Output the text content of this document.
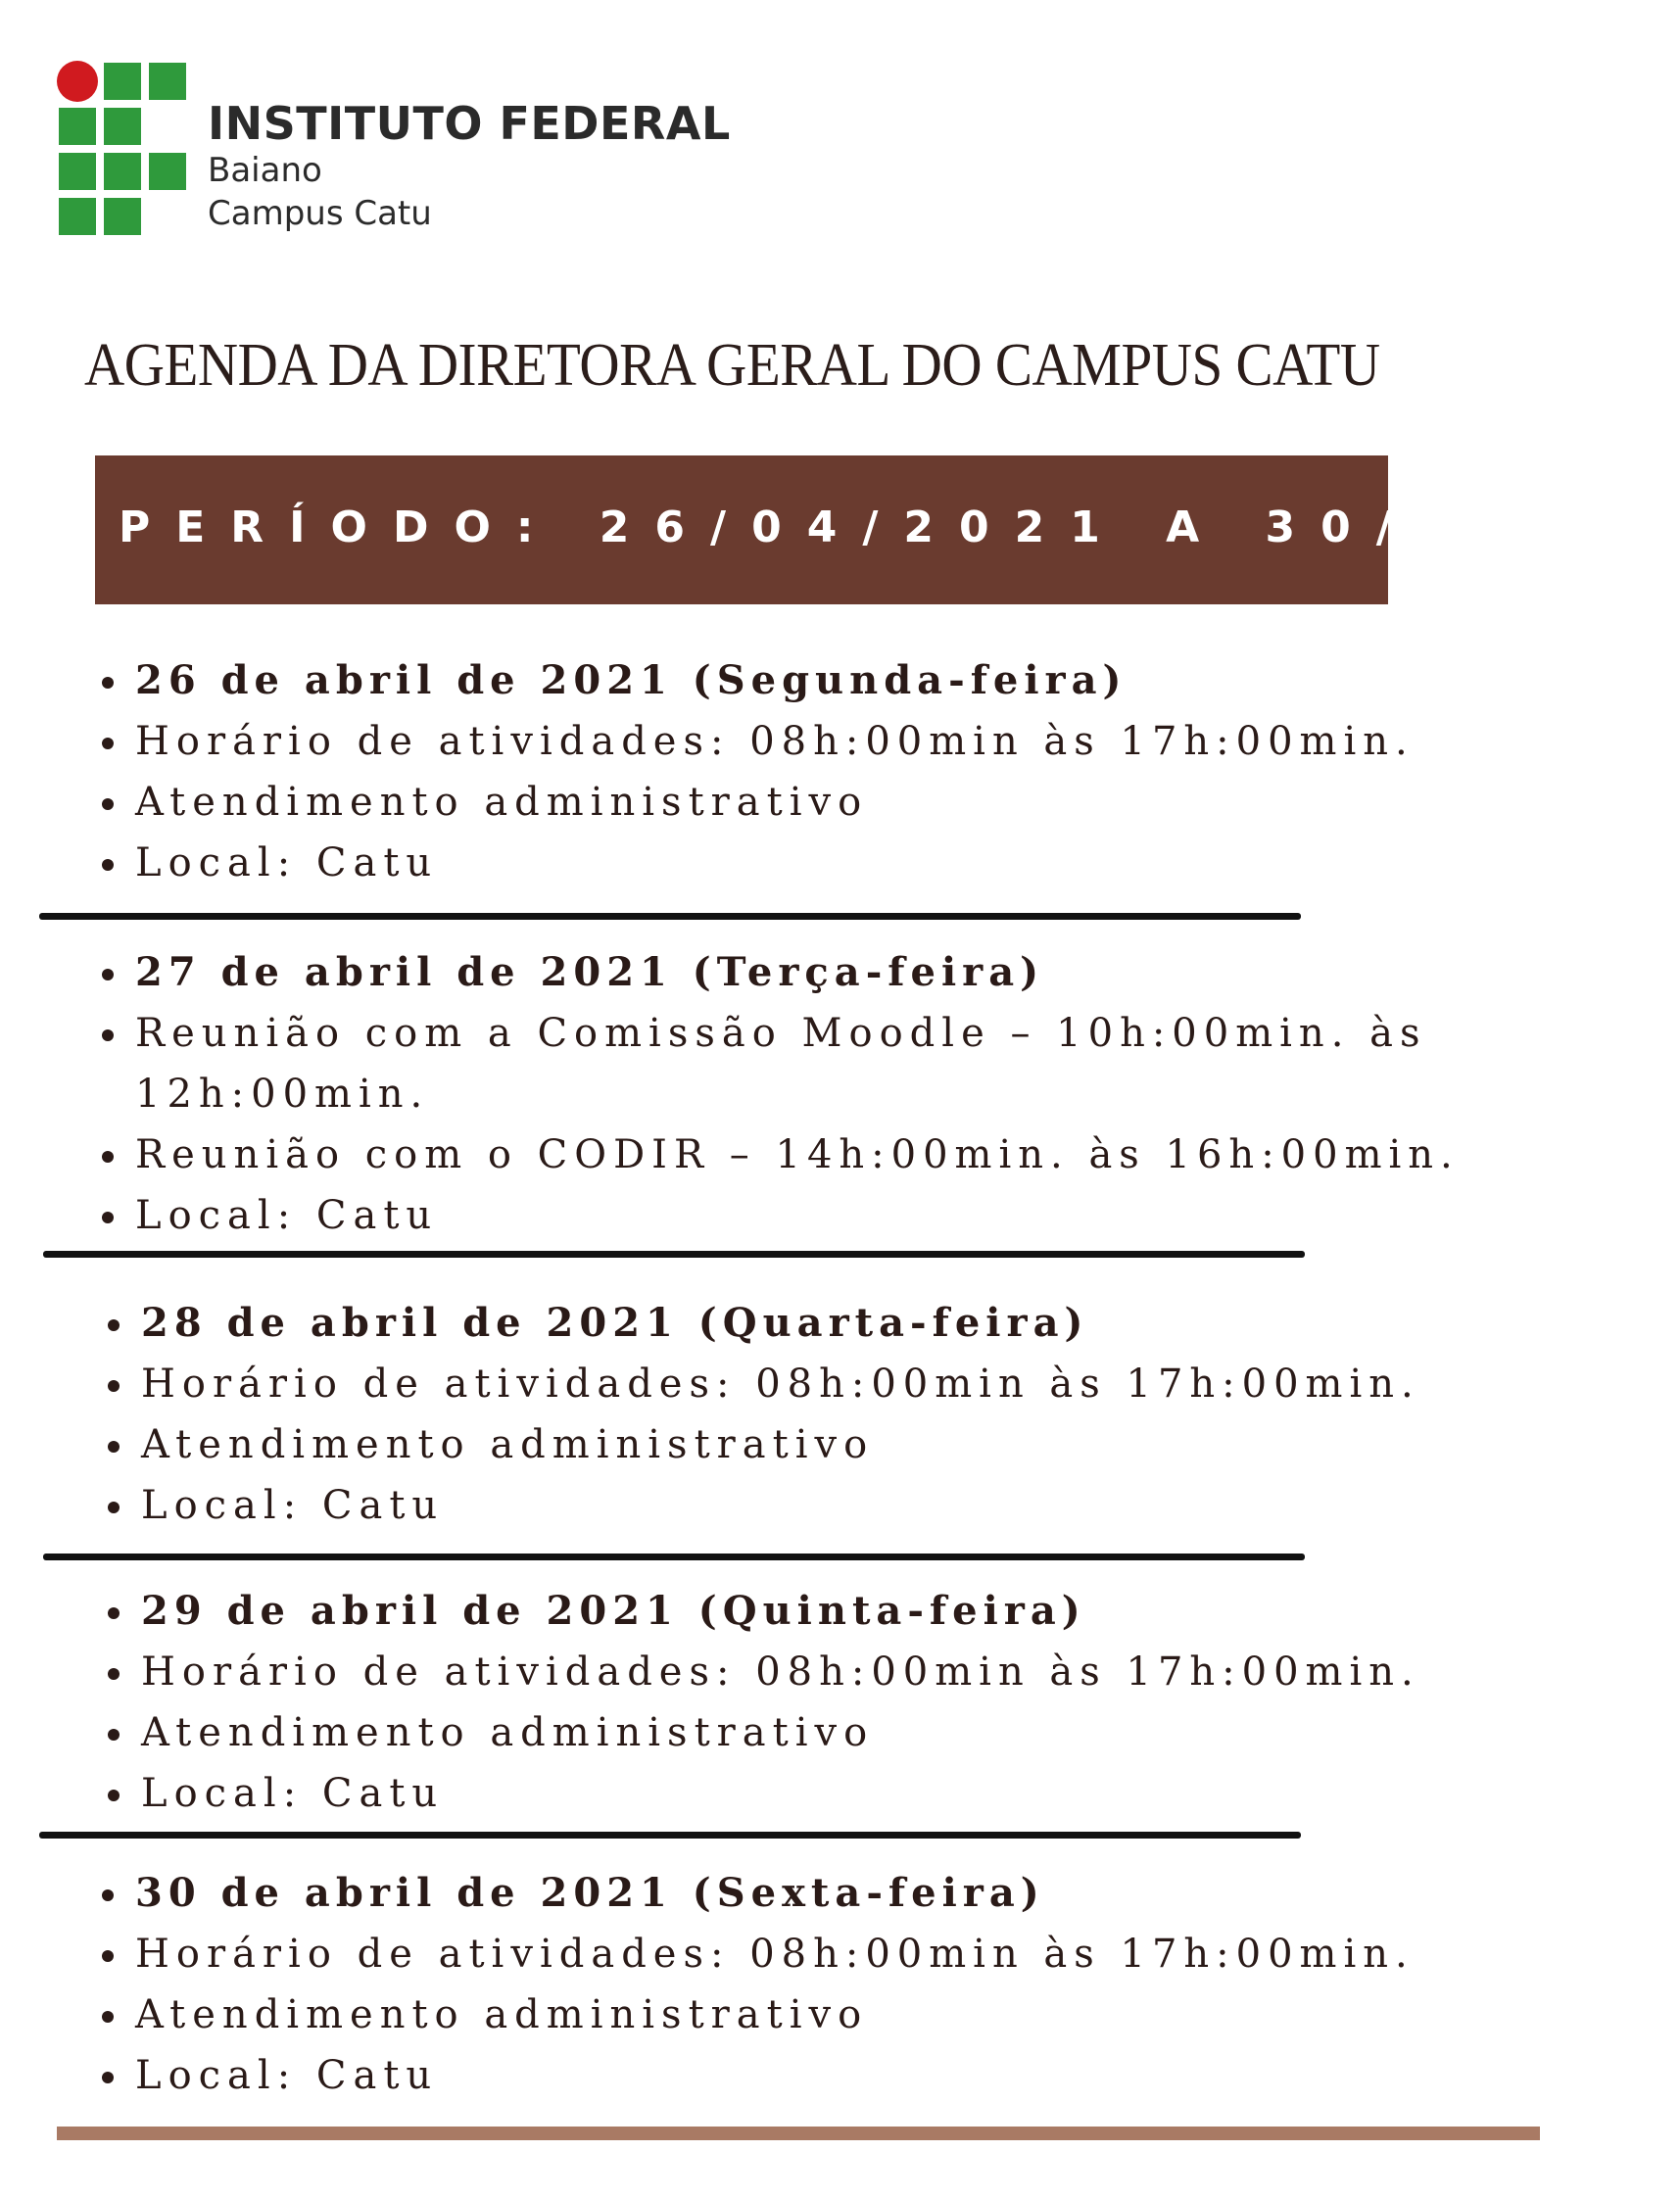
INSTITUTO FEDERAL
Baiano
Campus Catu
AGENDA DA DIRETORA GERAL DO CAMPUS CATU
PERÍODO: 26/04/2021 A 30/04/20
26 de abril de 2021 (Segunda-feira)
Horário de atividades: 08h:00min às 17h:00min.
Atendimento administrativo
Local: Catu
27 de abril de 2021 (Terça-feira)
Reunião com a Comissão Moodle – 10h:00min. às 12h:00min.
Reunião com o CODIR – 14h:00min. às 16h:00min.
Local: Catu
28 de abril de 2021 (Quarta-feira)
Horário de atividades: 08h:00min às 17h:00min.
Atendimento administrativo
Local: Catu
29 de abril de 2021 (Quinta-feira)
Horário de atividades: 08h:00min às 17h:00min.
Atendimento administrativo
Local: Catu
30 de abril de 2021 (Sexta-feira)
Horário de atividades: 08h:00min às 17h:00min.
Atendimento administrativo
Local: Catu
